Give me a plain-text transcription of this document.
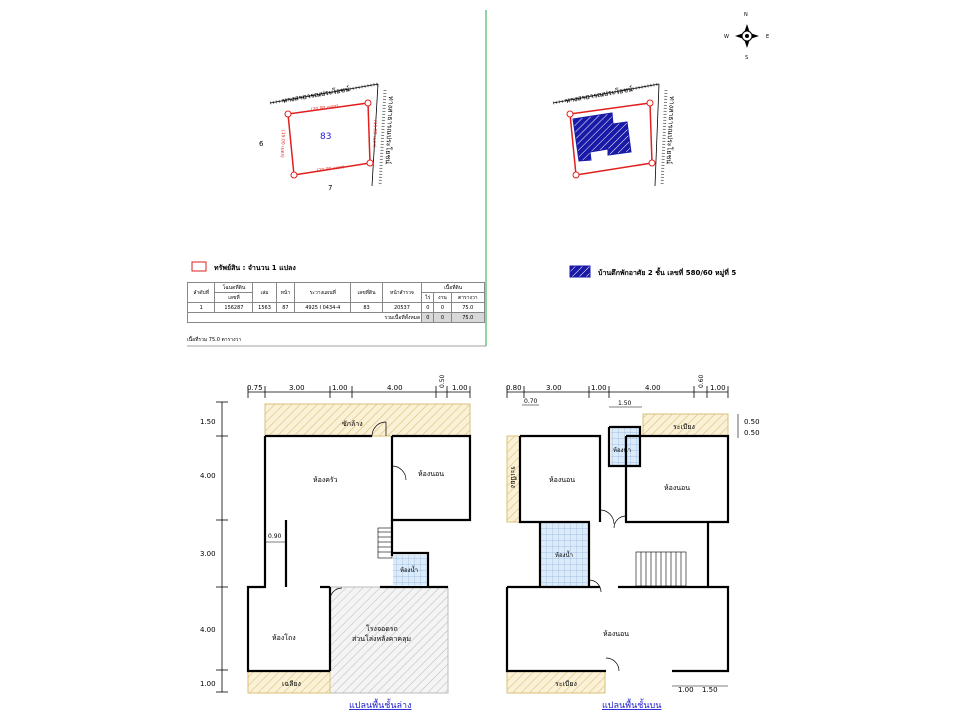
ทางสาธารณประโยชน์
ทางสาธารณประโยชน์
(20.00 เมตร)
(20.00 เมตร)
(15.00 เมตร)	(15.00 เมตร)
83
6
7
ทางสาธารณประโยชน์
ทางสาธารณประโยชน์
N
S
E
W
ทรัพย์สิน : จำนวน 1 แปลง
บ้านตึกพักอาศัย 2 ชั้น เลขที่ 580/60 หมู่ที่ 5
0.75	3.00	1.00	4.00	0.50 1.00
1.50
4.00
3.00
4.00
1.00
ซักล้าง
โรงจอดรถ
ส่วนโล่งหลังคาคลุม
เฉลียง
ห้องน้ำ
0.90
ห้องครัว
ห้องนอน
ห้องโถง
แปลนพื้นชั้นล่าง
0.80	3.00	1.00	4.00	0.60 1.00
0.70	1.50
0.50
0.50
1.00 1.50
ระเบียง
ระเบียง
ระเบียง
ห้องน้ำ
ห้องน้ำ
ห้องนอน
ห้องนอน
ห้องนอน
แปลนพื้นชั้นบน
ลำดับที่	โฉนดที่ดิน	เล่ม	หน้า	ระวางแผนที่	เลขที่ดิน	หน้าสำรวจ	เนื้อที่ดิน		
	เลขที่						ไร่	งาน	ตารางวา
1	156287	1563	87	4925 I 0434-4	83	20537	0	0	75.0
รวมเนื้อที่ทั้งหมด							0	0	75.0
เนื้อที่รวม 75.0 ตารางวา
